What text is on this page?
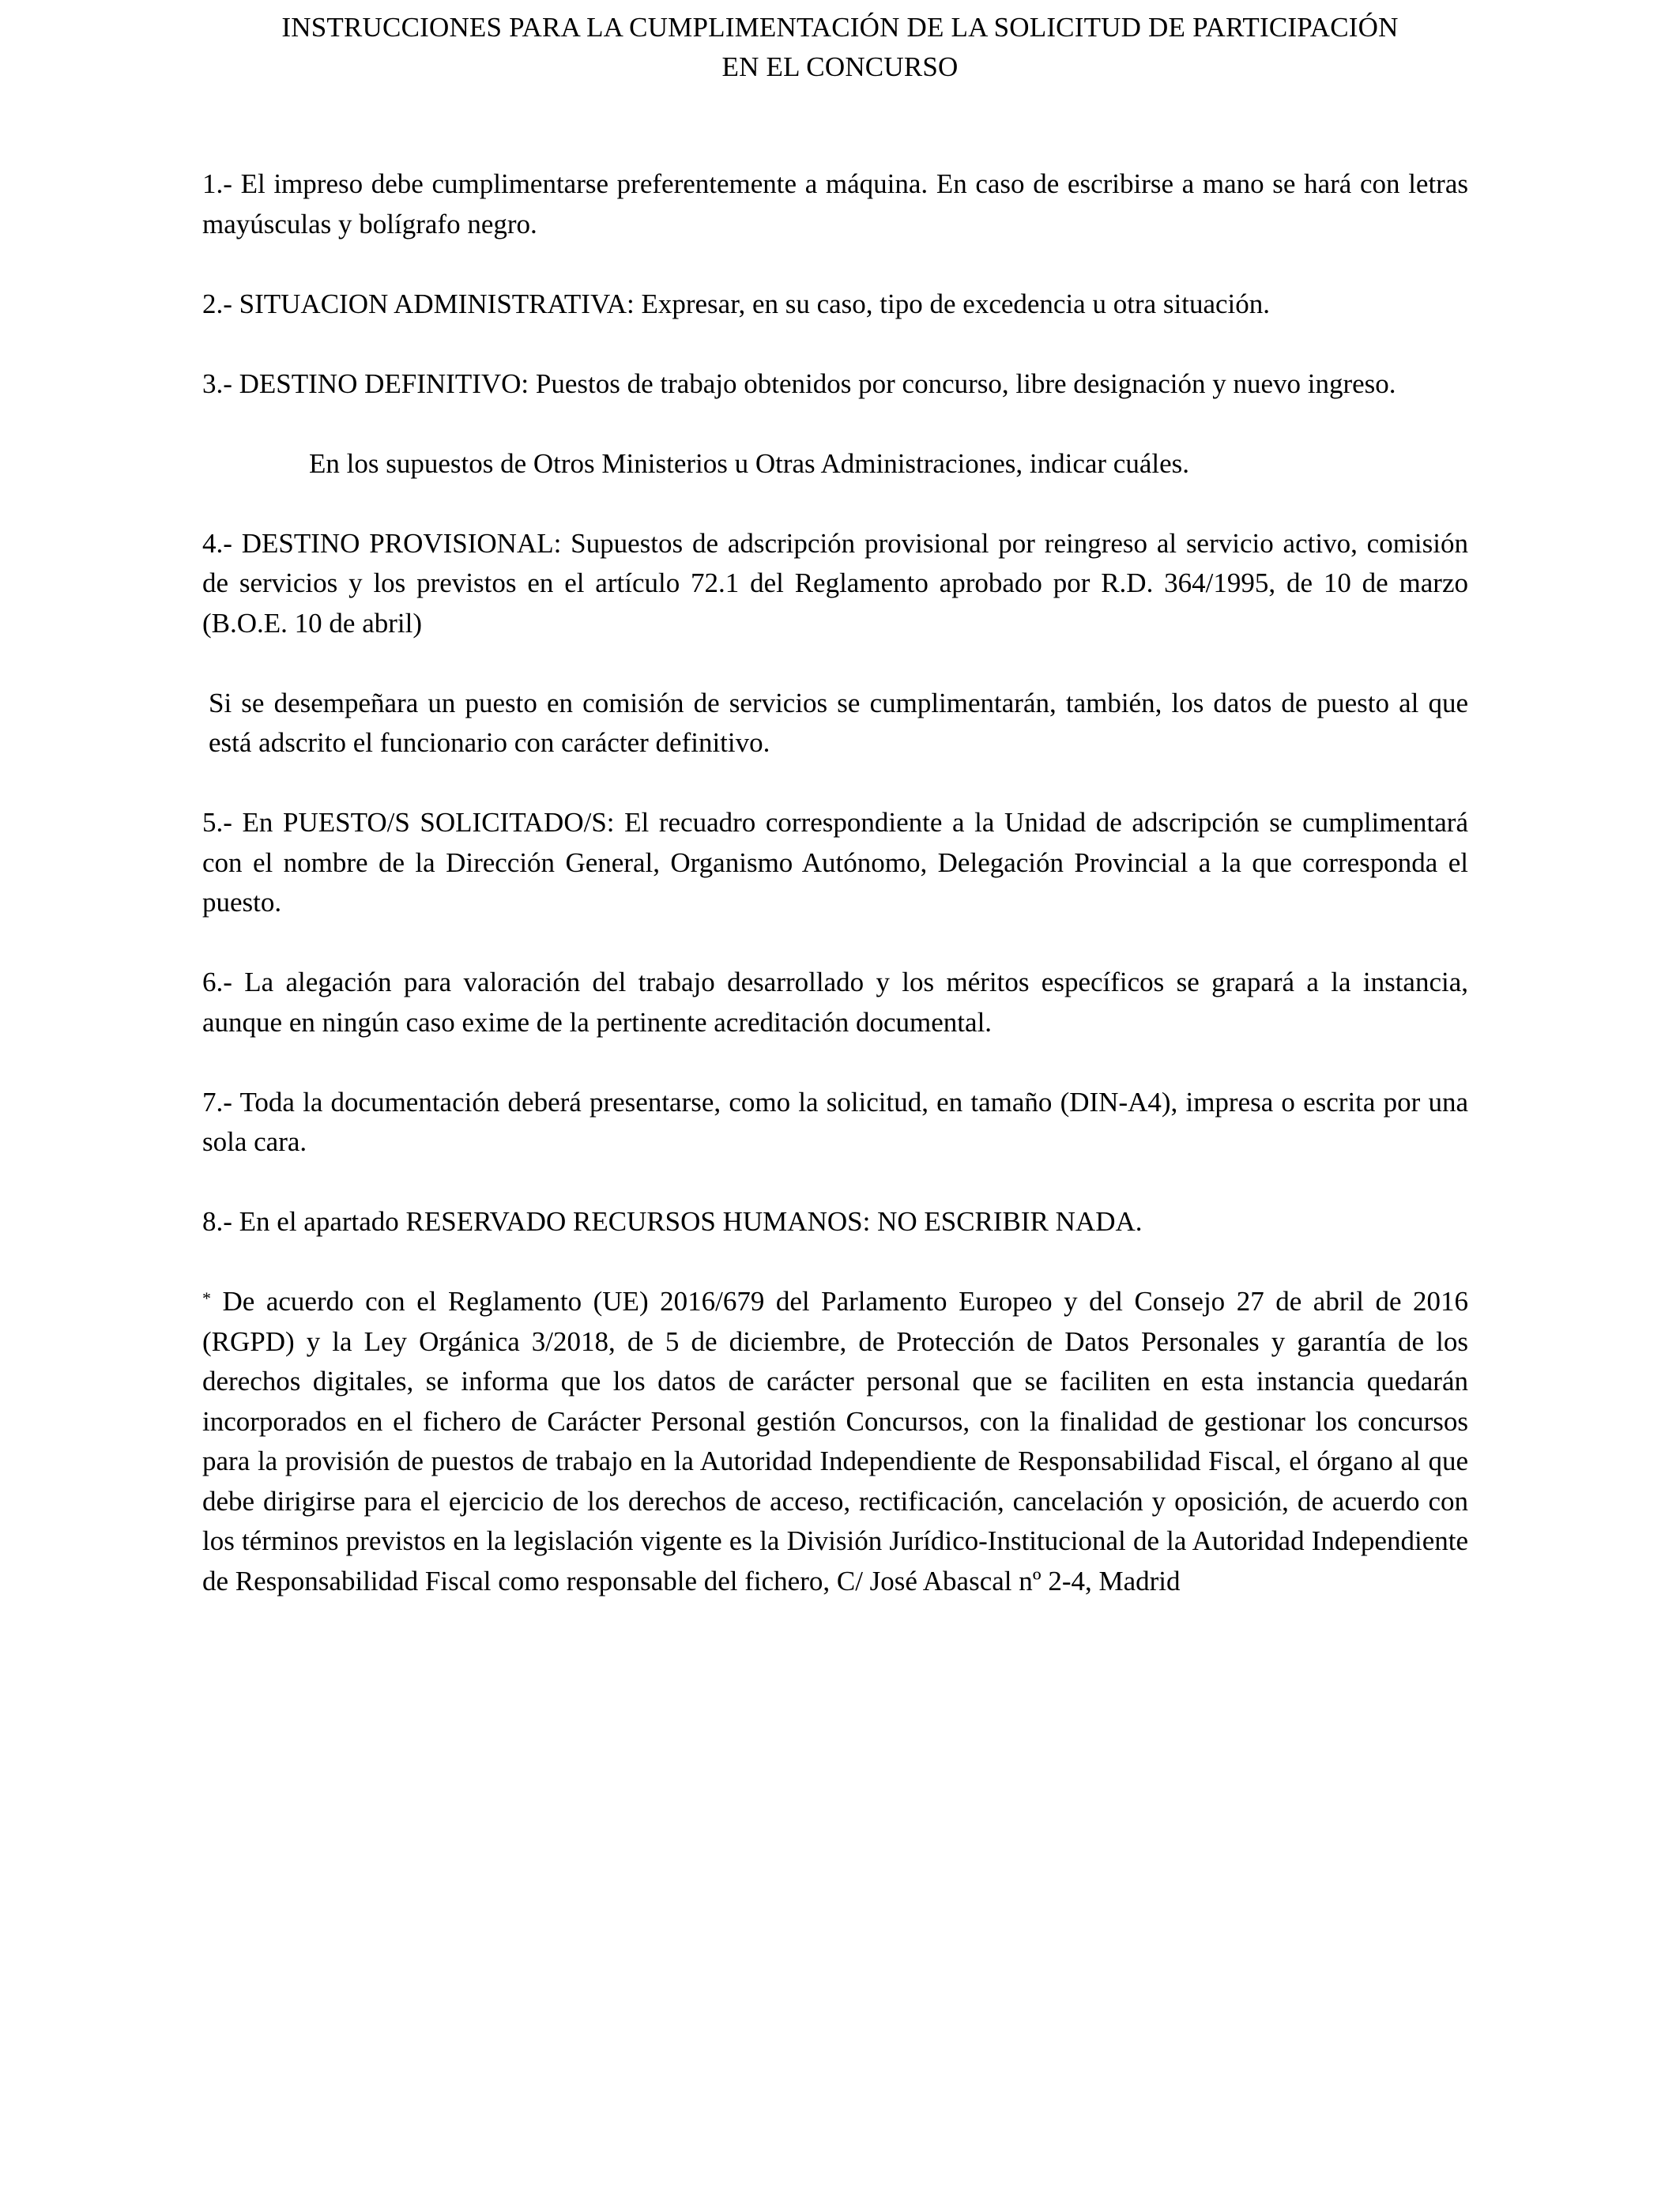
INSTRUCCIONES PARA LA CUMPLIMENTACIÓN DE LA SOLICITUD DE PARTICIPACIÓN
EN EL CONCURSO

1.- El impreso debe cumplimentarse preferentemente a máquina. En caso de escribirse a mano se hará con letras mayúsculas y bolígrafo negro.

2.- SITUACION ADMINISTRATIVA: Expresar, en su caso, tipo de excedencia u otra situación.

3.- DESTINO DEFINITIVO: Puestos de trabajo obtenidos por concurso, libre designación y nuevo ingreso.

En los supuestos de Otros Ministerios u Otras Administraciones, indicar cuáles.

4.- DESTINO PROVISIONAL: Supuestos de adscripción provisional por reingreso al servicio activo, comisión de servicios y los previstos en el artículo 72.1 del Reglamento aprobado por R.D. 364/1995, de 10 de marzo (B.O.E. 10 de abril)

Si se desempeñara un puesto en comisión de servicios se cumplimentarán, también, los datos de puesto al que está adscrito el funcionario con carácter definitivo.

5.- En PUESTO/S SOLICITADO/S: El recuadro correspondiente a la Unidad de adscripción se cumplimentará con el nombre de la Dirección General, Organismo Autónomo, Delegación Provincial a la que corresponda el puesto.

6.- La alegación para valoración del trabajo desarrollado y los méritos específicos se grapará a la instancia, aunque en ningún caso exime de la pertinente acreditación documental.

7.- Toda la documentación deberá presentarse, como la solicitud, en tamaño (DIN-A4), impresa o escrita por una sola cara.

8.- En el apartado RESERVADO RECURSOS HUMANOS: NO ESCRIBIR NADA.

* De acuerdo con el Reglamento (UE) 2016/679 del Parlamento Europeo y del Consejo 27 de abril de 2016 (RGPD) y la Ley Orgánica 3/2018, de 5 de diciembre, de Protección de Datos Personales y garantía de los derechos digitales, se informa que los datos de carácter personal que se faciliten en esta instancia quedarán incorporados en el fichero de Carácter Personal gestión Concursos, con la finalidad de gestionar los concursos para la provisión de puestos de trabajo en la Autoridad Independiente de Responsabilidad Fiscal, el órgano al que debe dirigirse para el ejercicio de los derechos de acceso, rectificación, cancelación y oposición, de acuerdo con los términos previstos en la legislación vigente es la División Jurídico-Institucional de la Autoridad Independiente de Responsabilidad Fiscal como responsable del fichero, C/ José Abascal nº 2-4, Madrid
